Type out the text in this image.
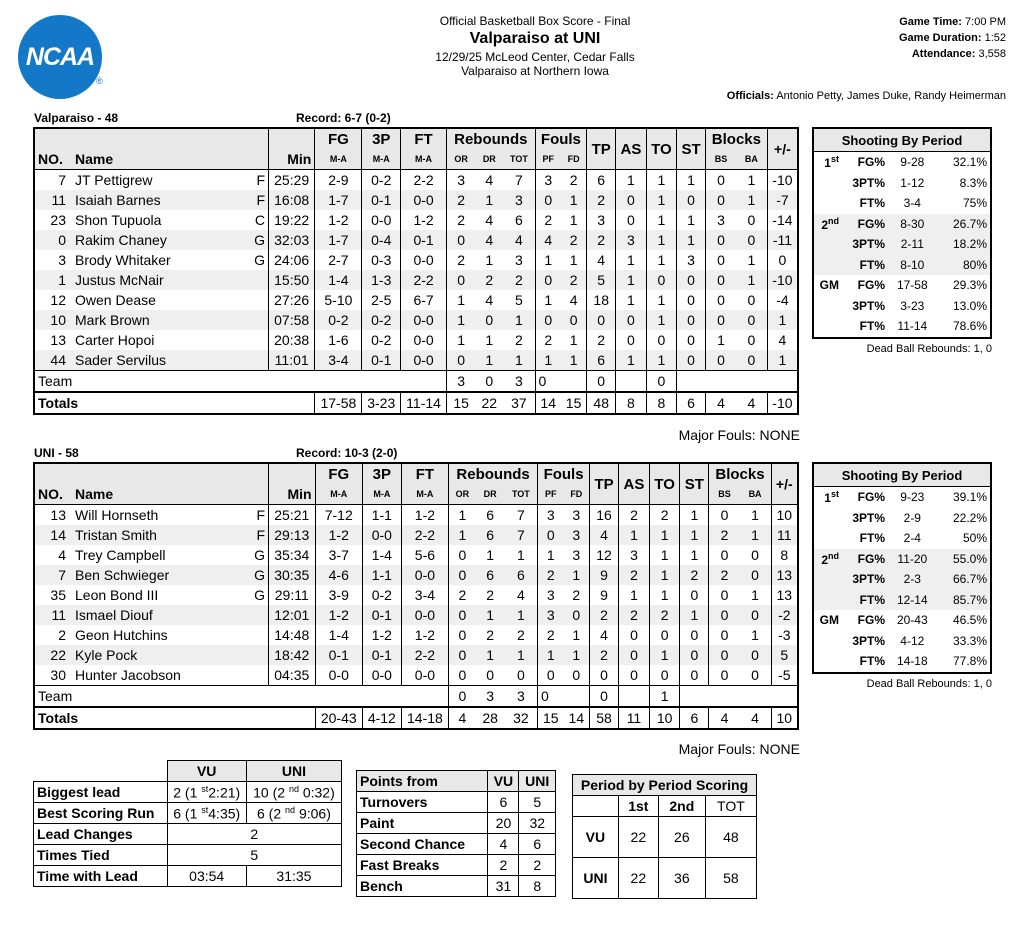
NCAA
®
Official Basketball Box Score - Final
Valparaiso at UNI
12/29/25 McLeod Center, Cedar Falls
Valparaiso at Northern Iowa
Game Time: 7:00 PM
Game Duration: 1:52
Attendance: 3,558
Officials: Antonio Petty, James Duke, Randy Heimerman
Valparaiso - 48	Record: 6-7 (0-2)
				FG	3P	FT	Rebounds			Fouls		TP	AS	TO	ST	Blocks		+/-
NO.	Name		Min	M-A	M-A	M-A	OR	DR	TOT	PF	FD					BS	BA	
7	JT Pettigrew	F	25:29	2-9	0-2	2-2	3	4	7	3	2	6	1	1	1	0	1	-10
11	Isaiah Barnes	F	16:08	1-7	0-1	0-0	2	1	3	0	1	2	0	1	0	0	1	-7
23	Shon Tupuola	C	19:22	1-2	0-0	1-2	2	4	6	2	1	3	0	1	1	3	0	-14
0	Rakim Chaney	G	32:03	1-7	0-4	0-1	0	4	4	4	2	2	3	1	1	0	0	-11
3	Brody Whitaker	G	24:06	2-7	0-3	0-0	2	1	3	1	1	4	1	1	3	0	1	0
1	Justus McNair		15:50	1-4	1-3	2-2	0	2	2	0	2	5	1	0	0	0	1	-10
12	Owen Dease		27:26	5-10	2-5	6-7	1	4	5	1	4	18	1	1	0	0	0	-4
10	Mark Brown		07:58	0-2	0-2	0-0	1	0	1	0	0	0	0	1	0	0	0	1
13	Carter Hopoi		20:38	1-6	0-2	0-0	1	1	2	2	1	2	0	0	0	1	0	4
44	Sader Servilus		11:01	3-4	0-1	0-0	0	1	1	1	1	6	1	1	0	0	0	1
Team							3	0	3	0		0		0				
Totals				17-58	3-23	11-14	15	22	37	14	15	48	8	8	6	4	4	-10
Major Fouls: NONE
Shooting By Period			
1st	FG%	9-28	32.1%
	3PT%	1-12	8.3%
	FT%	3-4	75%
2nd	FG%	8-30	26.7%
	3PT%	2-11	18.2%
	FT%	8-10	80%
GM	FG%	17-58	29.3%
	3PT%	3-23	13.0%
	FT%	11-14	78.6%
Dead Ball Rebounds: 1, 0
UNI - 58	Record: 10-3 (2-0)
				FG	3P	FT	Rebounds			Fouls		TP	AS	TO	ST	Blocks		+/-
NO.	Name		Min	M-A	M-A	M-A	OR	DR	TOT	PF	FD					BS	BA	
13	Will Hornseth	F	25:21	7-12	1-1	1-2	1	6	7	3	3	16	2	2	1	0	1	10
14	Tristan Smith	F	29:13	1-2	0-0	2-2	1	6	7	0	3	4	1	1	1	2	1	11
4	Trey Campbell	G	35:34	3-7	1-4	5-6	0	1	1	1	3	12	3	1	1	0	0	8
7	Ben Schwieger	G	30:35	4-6	1-1	0-0	0	6	6	2	1	9	2	1	2	2	0	13
35	Leon Bond III	G	29:11	3-9	0-2	3-4	2	2	4	3	2	9	1	1	0	0	1	13
11	Ismael Diouf		12:01	1-2	0-1	0-0	0	1	1	3	0	2	2	2	1	0	0	-2
2	Geon Hutchins		14:48	1-4	1-2	1-2	0	2	2	2	1	4	0	0	0	0	1	-3
22	Kyle Pock		18:42	0-1	0-1	2-2	0	1	1	1	1	2	0	1	0	0	0	5
30	Hunter Jacobson		04:35	0-0	0-0	0-0	0	0	0	0	0	0	0	0	0	0	0	-5
Team							0	3	3	0		0		1				
Totals				20-43	4-12	14-18	4	28	32	15	14	58	11	10	6	4	4	10
Major Fouls: NONE
Shooting By Period			
1st	FG%	9-23	39.1%
	3PT%	2-9	22.2%
	FT%	2-4	50%
2nd	FG%	11-20	55.0%
	3PT%	2-3	66.7%
	FT%	12-14	85.7%
GM	FG%	20-43	46.5%
	3PT%	4-12	33.3%
	FT%	14-18	77.8%
Dead Ball Rebounds: 1, 0
	VU	UNI
Biggest lead	2 (1 $^{st}$2:21)	10 (2 $^{nd}$ 0:32)
Best Scoring Run	6 (1 $^{st}$4:35)	6 (2 $^{nd}$ 9:06)
Lead Changes	2	
Times Tied	5	
Time with Lead	03:54	31:35
Points from	VU	UNI
Turnovers	6	5
Paint	20	32
Second Chance	4	6
Fast Breaks	2	2
Bench	31	8
Period by Period Scoring			
	1st	2nd	TOT
VU	22	26	48
UNI	22	36	58
